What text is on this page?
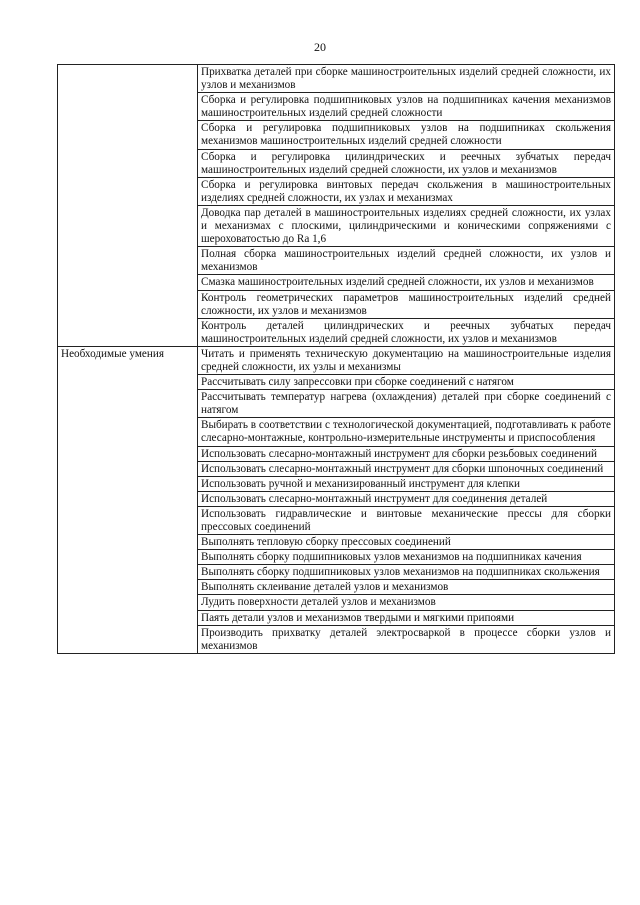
20
	Прихватка деталей при сборке машиностроительных изделий средней сложности, их узлов и механизмов
	Сборка и регулировка подшипниковых узлов на подшипниках качения механизмов машиностроительных изделий средней сложности
	Сборка и регулировка подшипниковых узлов на подшипниках скольжения механизмов машиностроительных изделий средней сложности
	Сборка и регулировка цилиндрических и реечных зубчатых передач машиностроительных изделий средней сложности, их узлов и механизмов
	Сборка и регулировка винтовых передач скольжения в машиностроительных изделиях средней сложности, их узлах и механизмах
	Доводка пар деталей в машиностроительных изделиях средней сложности, их узлах и механизмах с плоскими, цилиндрическими и коническими сопряжениями с шероховатостью до Ra 1,6
	Полная сборка машиностроительных изделий средней сложности, их узлов и механизмов
	Смазка машиностроительных изделий средней сложности, их узлов и механизмов
	Контроль геометрических параметров машиностроительных изделий средней сложности, их узлов и механизмов
	Контроль деталей цилиндрических и реечных зубчатых передач машиностроительных изделий средней сложности, их узлов и механизмов
Необходимые умения	Читать и применять техническую документацию на машиностроительные изделия средней сложности, их узлы и механизмы
	Рассчитывать силу запрессовки при сборке соединений с натягом
	Рассчитывать температур нагрева (охлаждения) деталей при сборке соединений с натягом
	Выбирать в соответствии с технологической документацией, подготавливать к работе слесарно-монтажные, контрольно-измерительные инструменты и приспособления
	Использовать слесарно-монтажный инструмент для сборки резьбовых соединений
	Использовать слесарно-монтажный инструмент для сборки шпоночных соединений
	Использовать ручной и механизированный инструмент для клепки
	Использовать слесарно-монтажный инструмент для соединения деталей
	Использовать гидравлические и винтовые механические прессы для сборки прессовых соединений
	Выполнять тепловую сборку прессовых соединений
	Выполнять сборку подшипниковых узлов механизмов на подшипниках качения
	Выполнять сборку подшипниковых узлов механизмов на подшипниках скольжения
	Выполнять склеивание деталей узлов и механизмов
	Лудить поверхности деталей узлов и механизмов
	Паять детали узлов и механизмов твердыми и мягкими припоями
	Производить прихватку деталей электросваркой в процессе сборки узлов и механизмов
